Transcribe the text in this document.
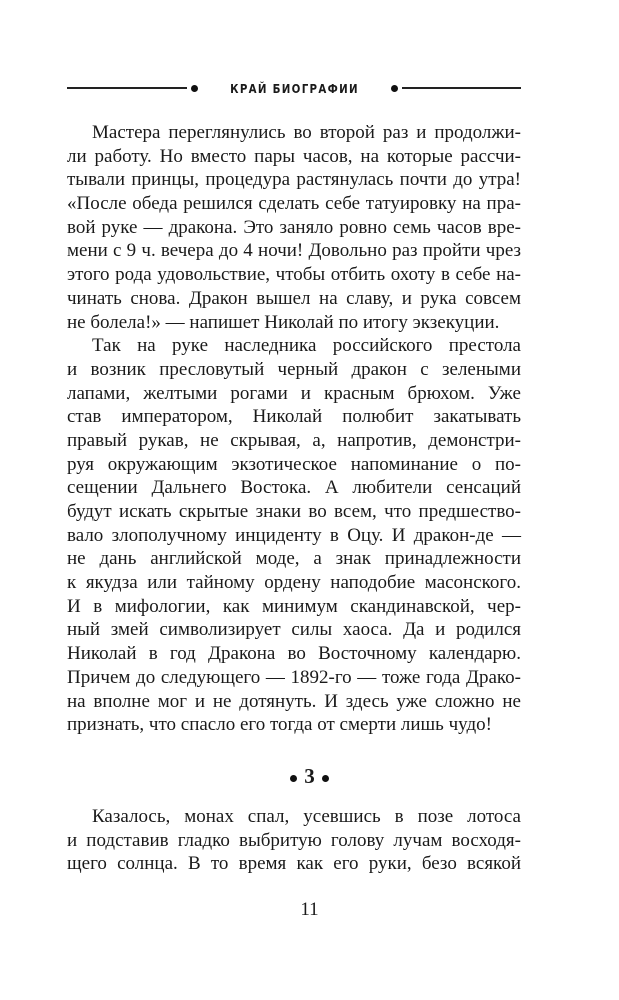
КРАЙ БИОГРАФИИ
Мастера переглянулись во второй раз и продолжи-
ли работу. Но вместо пары часов, на которые рассчи-
тывали принцы, процедура растянулась почти до утра!
«После обеда решился сделать себе татуировку на пра-
вой руке — дракона. Это заняло ровно семь часов вре-
мени с 9 ч. вечера до 4 ночи! Довольно раз пройти чрез
этого рода удовольствие, чтобы отбить охоту в себе на-
чинать снова. Дракон вышел на славу, и рука совсем
не болела!» — напишет Николай по итогу экзекуции.
Так на руке наследника российского престола
и возник пресловутый черный дракон с зелеными
лапами, желтыми рогами и красным брюхом. Уже
став императором, Николай полюбит закатывать
правый рукав, не скрывая, а, напротив, демонстри-
руя окружающим экзотическое напоминание о по-
сещении Дальнего Востока. А любители сенсаций
будут искать скрытые знаки во всем, что предшество-
вало злополучному инциденту в Оцу. И дракон-де —
не дань английской моде, а знак принадлежности
к якудза или тайному ордену наподобие масонского.
И в мифологии, как минимум скандинавской, чер-
ный змей символизирует силы хаоса. Да и родился
Николай в год Дракона во Восточному календарю.
Причем до следующего — 1892-го — тоже года Драко-
на вполне мог и не дотянуть. И здесь уже сложно не
признать, что спасло его тогда от смерти лишь чудо!
3
Казалось, монах спал, усевшись в позе лотоса
и подставив гладко выбритую голову лучам восходя-
щего солнца. В то время как его руки, безо всякой
11
